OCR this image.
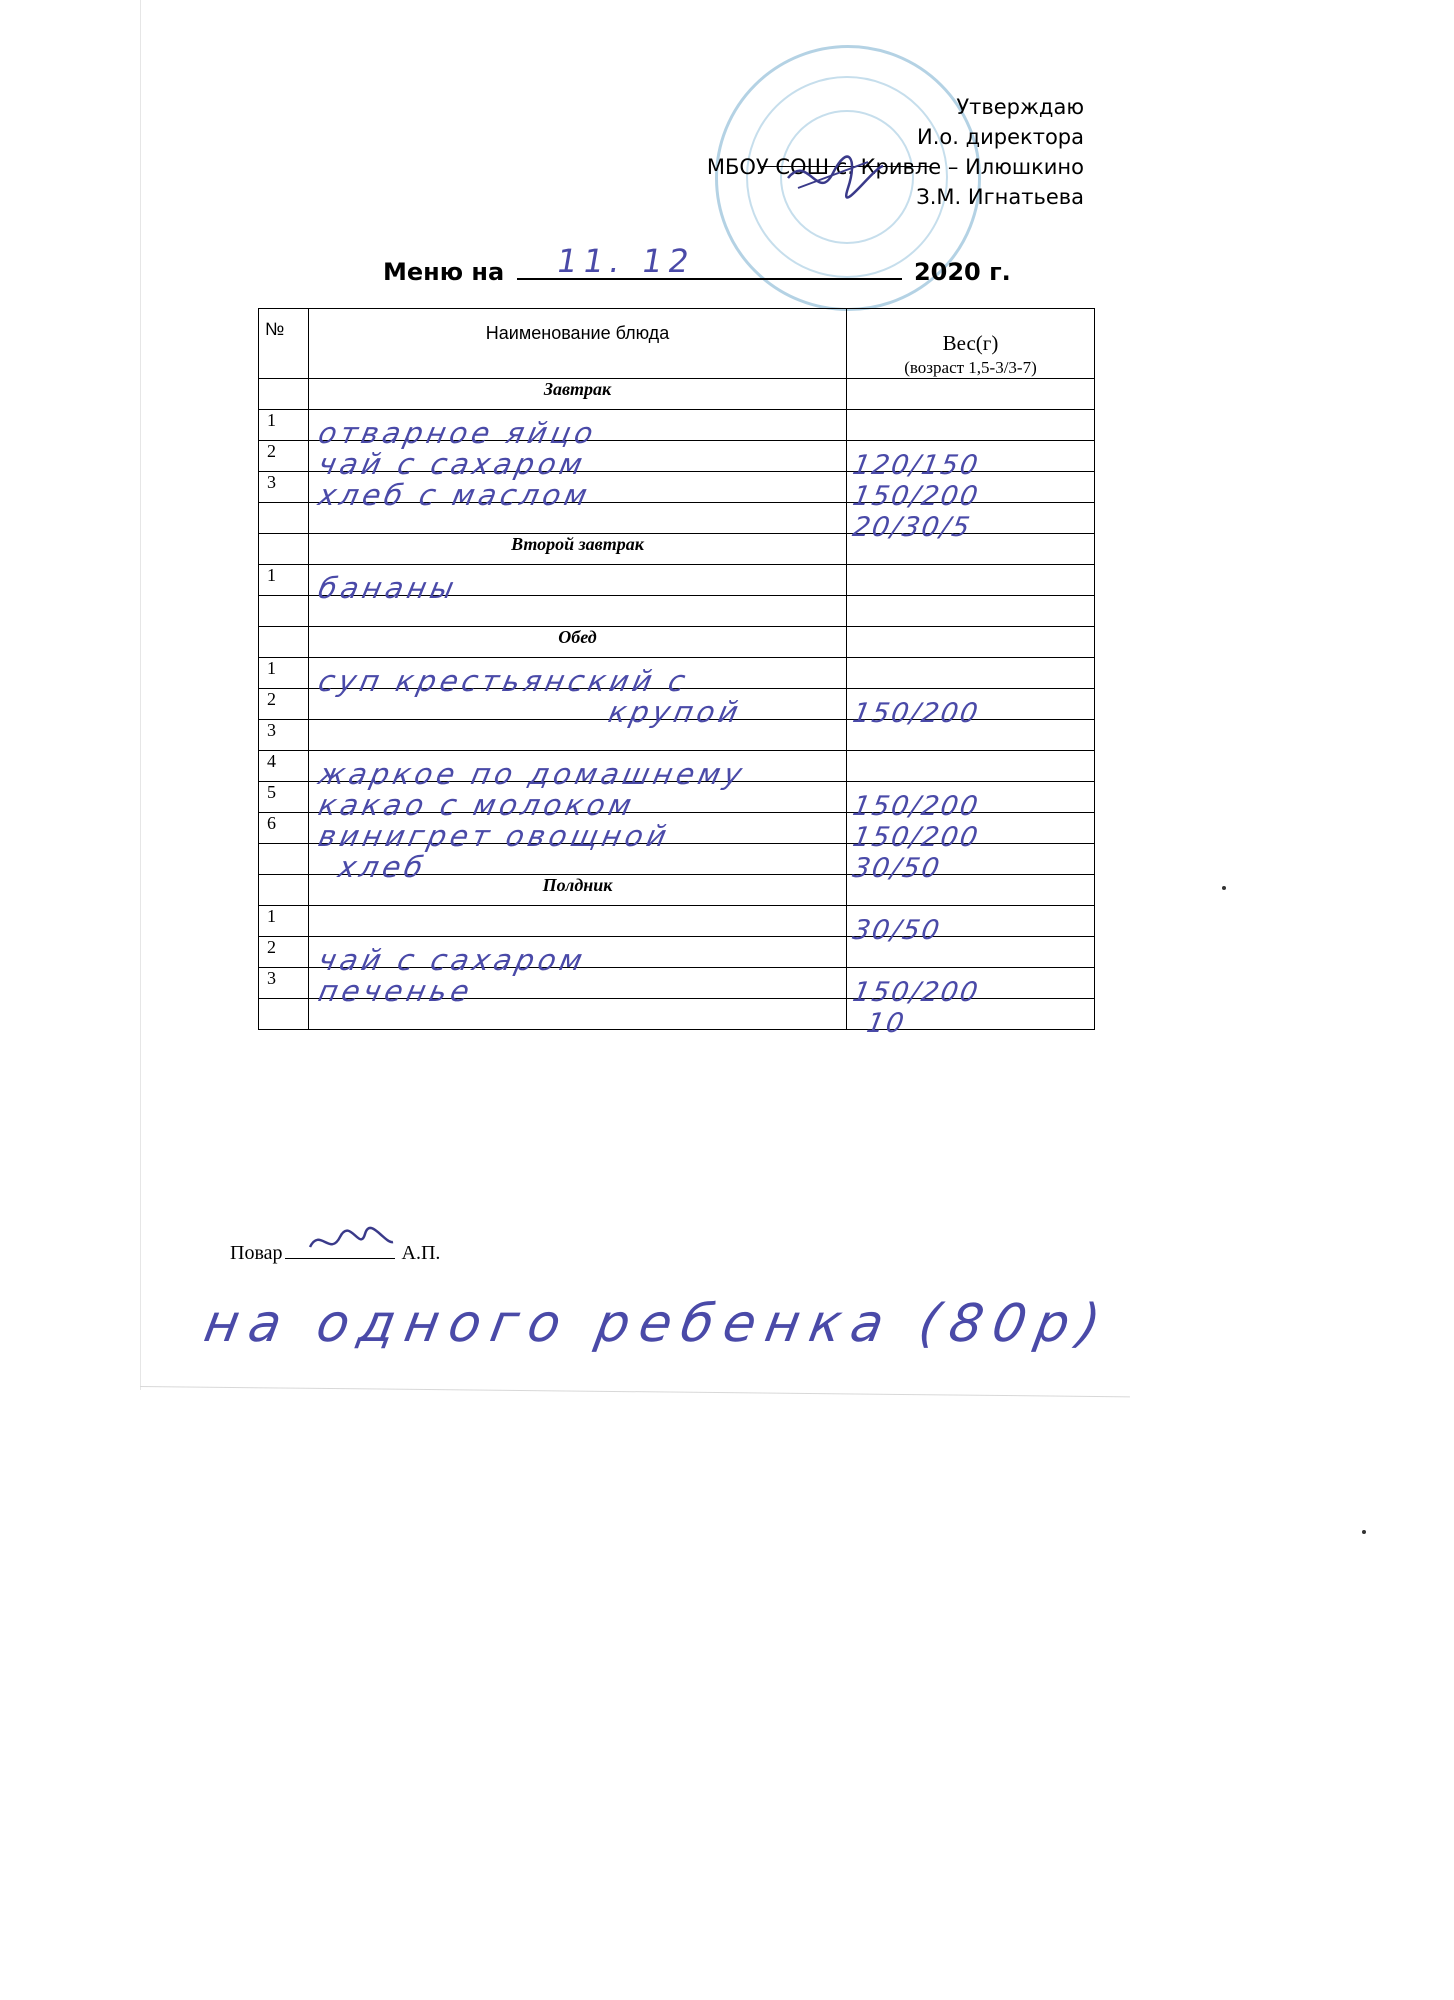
Утверждаю
И.о. директора
МБОУ СОШ с. Кривле – Илюшкино
З.М. Игнатьева
Меню на 11. 12	2020 г.
№	Наименование блюда	Вес(г)
(возраст 1,5-3/3-7)

	Завтрак	
1	отварное яйцо	

2	чай с сахаром	120/150

3	хлеб с маслом	150/200

		20/30/5

	Второй завтрак	
1	бананы	

	Обед	
1	суп крестьянский с	

2	крупой	150/200

3	

4	жаркое по домашнему	

5	какао с молоком	150/200

6	винигрет овощной	150/200

	хлеб	30/50

	Полдник	
1		30/50

2	чай с сахаром	

3	печенье	150/200

		10
Повар	А.П.
на одного ребенка (80р)
